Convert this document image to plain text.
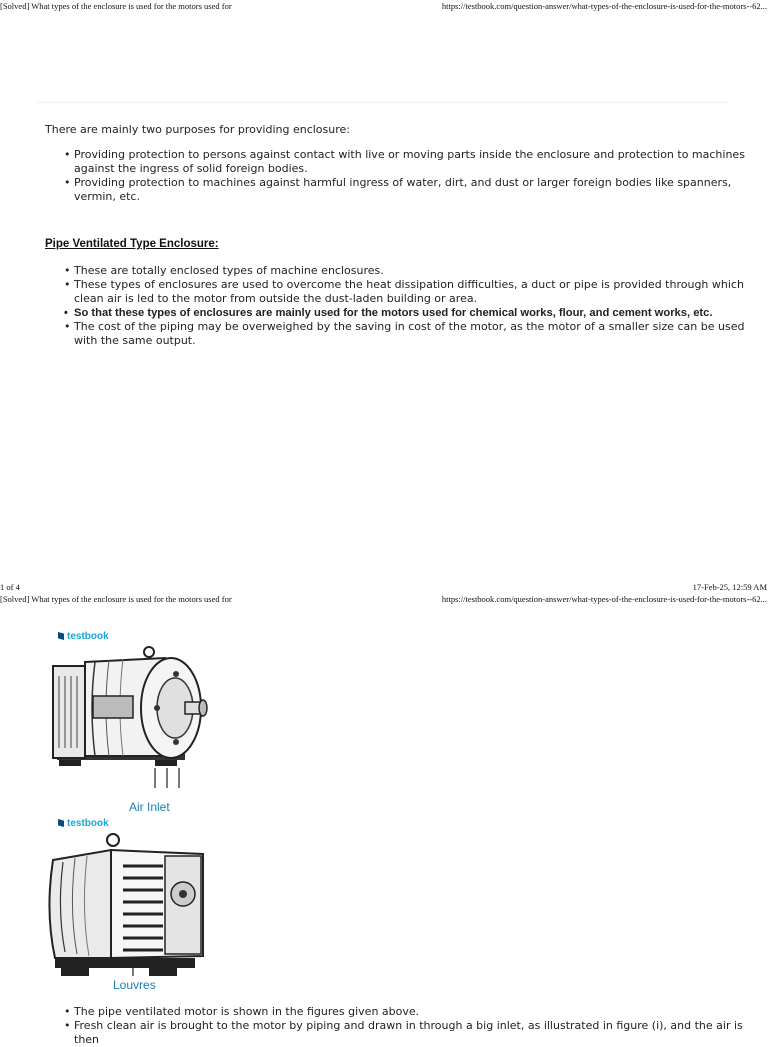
[Solved] What types of the enclosure is used for the motors used for	https://testbook.com/question-answer/what-types-of-the-enclosure-is-used-for-the-motors--62...

There are mainly two purposes for providing enclosure:

• Providing protection to persons against contact with live or moving parts inside the enclosure and protection to machines against the ingress of solid foreign bodies.
• Providing protection to machines against harmful ingress of water, dirt, and dust or larger foreign bodies like spanners, vermin, etc.
Pipe Ventilated Type Enclosure:
• These are totally enclosed types of machine enclosures.
• These types of enclosures are used to overcome the heat dissipation difficulties, a duct or pipe is provided through which clean air is led to the motor from outside the dust-laden building or area.
• So that these types of enclosures are mainly used for the motors used for chemical works, flour, and cement works, etc.
• The cost of the piping may be overweighed by the saving in cost of the motor, as the motor of a smaller size can be used with the same output.
1 of 4	17-Feb-25, 12:59 AM
[Solved] What types of the enclosure is used for the motors used for	https://testbook.com/question-answer/what-types-of-the-enclosure-is-used-for-the-motors--62...
testbook
Air Inlet
testbook
Louvres
• The pipe ventilated motor is shown in the figures given above.
• Fresh clean air is brought to the motor by piping and drawn in through a big inlet, as illustrated in figure (i), and the air is then
